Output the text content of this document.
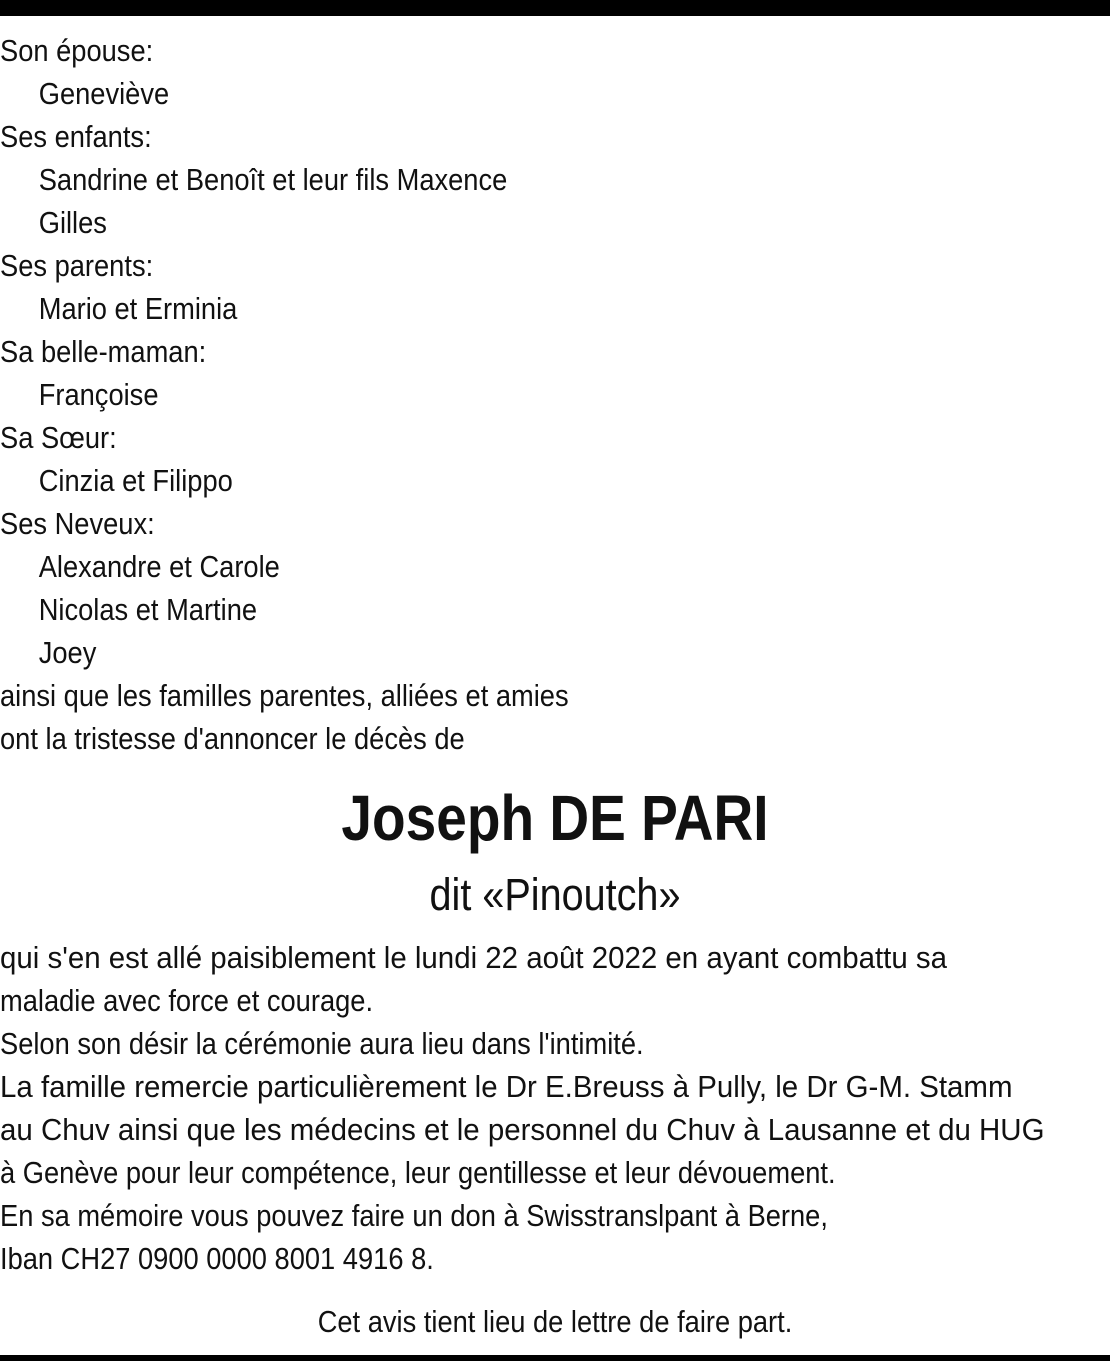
Son épouse:
Geneviève
Ses enfants:
Sandrine et Benoît et leur fils Maxence
Gilles
Ses parents:
Mario et Erminia
Sa belle-maman:
Françoise
Sa Sœur:
Cinzia et Filippo
Ses Neveux:
Alexandre et Carole
Nicolas et Martine
Joey
ainsi que les familles parentes, alliées et amies
ont la tristesse d'annoncer le décès de
Joseph DE PARI
dit «Pinoutch»
qui s'en est allé paisiblement le lundi 22 août 2022 en ayant combattu sa
maladie avec force et courage.
Selon son désir la cérémonie aura lieu dans l'intimité.
La famille remercie particulièrement le Dr E.Breuss à Pully, le Dr G-M. Stamm
au Chuv ainsi que les médecins et le personnel du Chuv à Lausanne et du HUG
à Genève pour leur compétence, leur gentillesse et leur dévouement.
En sa mémoire vous pouvez faire un don à Swisstranslpant à Berne,
Iban CH27 0900 0000 8001 4916 8.
Cet avis tient lieu de lettre de faire part.
